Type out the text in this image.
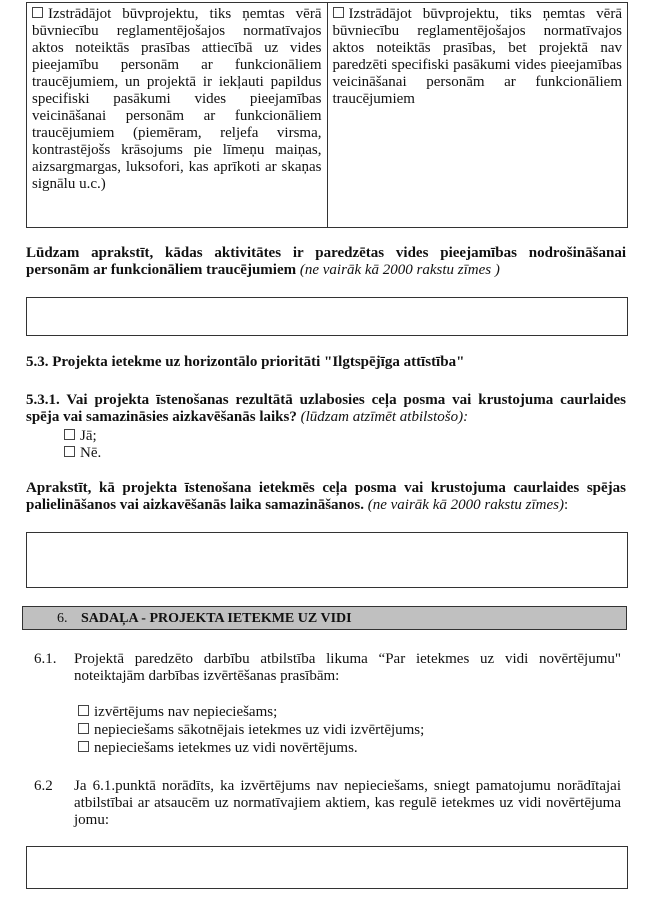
Izstrādājot būvprojektu, tiks ņemtas vērā būvniecību reglamentējošajos normatīvajos aktos noteiktās prasības attiecībā uz vides pieejamību personām ar funkcionāliem traucējumiem, un projektā ir iekļauti papildus specifiski pasākumi vides pieejamības veicināšanai personām ar funkcionāliem traucējumiem (piemēram, reljefa virsma, kontrastējošs krāsojums pie līmeņu maiņas, aizsargmargas, luksofori, kas aprīkoti ar skaņas signālu u.c.)	Izstrādājot būvprojektu, tiks ņemtas vērā būvniecību reglamentējošajos normatīvajos aktos noteiktās prasības, bet projektā nav paredzēti specifiski pasākumi vides pieejamības veicināšanai personām ar funkcionāliem traucējumiem
Lūdzam aprakstīt, kādas aktivitātes ir paredzētas vides pieejamības nodrošināšanai personām ar funkcionāliem traucējumiem (ne vairāk kā 2000 rakstu zīmes )
5.3. Projekta ietekme uz horizontālo prioritāti "Ilgtspējīga attīstība"
5.3.1. Vai projekta īstenošanas rezultātā uzlabosies ceļa posma vai krustojuma caurlaides spēja vai samazināsies aizkavēšanās laiks? (lūdzam atzīmēt atbilstošo):
Jā;
Nē.
Aprakstīt, kā projekta īstenošana ietekmēs ceļa posma vai krustojuma caurlaides spējas palielināšanos vai aizkavēšanās laika samazināšanos. (ne vairāk kā 2000 rakstu zīmes):
6. SADAĻA - PROJEKTA IETEKME UZ VIDI
6.1. Projektā paredzēto darbību atbilstība likuma “Par ietekmes uz vidi novērtējumu" noteiktajām darbības izvērtēšanas prasībām:
izvērtējums nav nepieciešams;
nepieciešams sākotnējais ietekmes uz vidi izvērtējums;
nepieciešams ietekmes uz vidi novērtējums.
6.2 Ja 6.1.punktā norādīts, ka izvērtējums nav nepieciešams, sniegt pamatojumu norādītajai atbilstībai ar atsaucēm uz normatīvajiem aktiem, kas regulē ietekmes uz vidi novērtējuma jomu:
